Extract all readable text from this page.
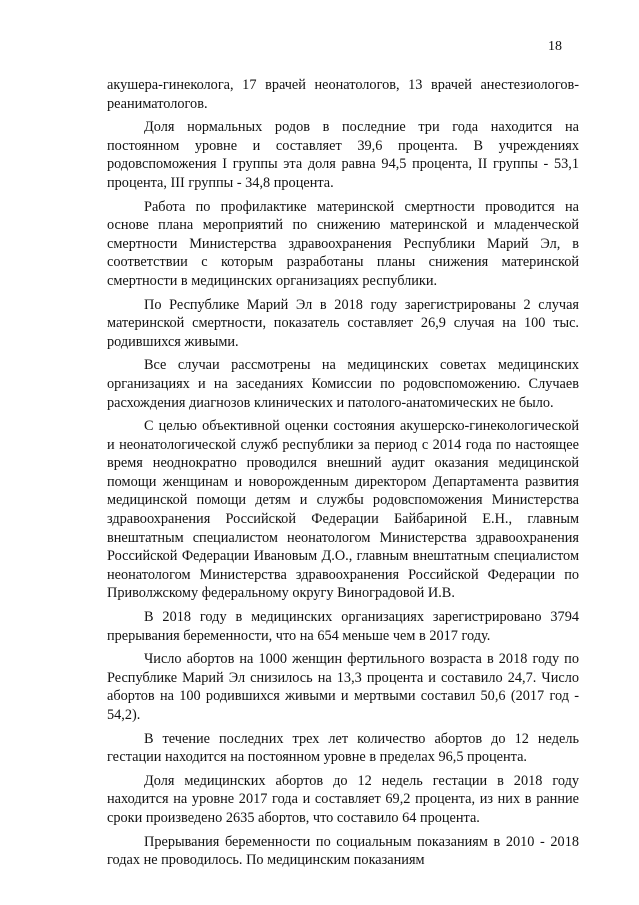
18

акушера-гинеколога, 17 врачей неонатологов, 13 врачей анестезиологов-реаниматологов.

Доля нормальных родов в последние три года находится на постоянном уровне и составляет 39,6 процента. В учреждениях родовспоможения I группы эта доля равна 94,5 процента, II группы - 53,1 процента, III группы - 34,8 процента.

Работа по профилактике материнской смертности проводится на основе плана мероприятий по снижению материнской и младенческой смертности Министерства здравоохранения Республики Марий Эл, в соответствии с которым разработаны планы снижения материнской смертности в медицинских организациях республики.

По Республике Марий Эл в 2018 году зарегистрированы 2 случая материнской смертности, показатель составляет 26,9 случая на 100 тыс. родившихся живыми.

Все случаи рассмотрены на медицинских советах медицинских организациях и на заседаниях Комиссии по родовспоможению. Случаев расхождения диагнозов клинических и патолого-анатомических не было.

С целью объективной оценки состояния акушерско-гинекологической и неонатологической служб республики за период с 2014 года по настоящее время неоднократно проводился внешний аудит оказания медицинской помощи женщинам и новорожденным директором Департамента развития медицинской помощи детям и службы родовспоможения Министерства здравоохранения Российской Федерации Байбариной Е.Н., главным внештатным специалистом неонатологом Министерства здравоохранения Российской Федерации Ивановым Д.О., главным внештатным специалистом неонатологом Министерства здравоохранения Российской Федерации по Приволжскому федеральному округу Виноградовой И.В.

В 2018 году в медицинских организациях зарегистрировано 3794 прерывания беременности, что на 654 меньше чем в 2017 году.

Число абортов на 1000 женщин фертильного возраста в 2018 году по Республике Марий Эл снизилось на 13,3 процента и составило 24,7. Число абортов на 100 родившихся живыми и мертвыми составил 50,6 (2017 год - 54,2).

В течение последних трех лет количество абортов до 12 недель гестации находится на постоянном уровне в пределах 96,5 процента.

Доля медицинских абортов до 12 недель гестации в 2018 году находится на уровне 2017 года и составляет 69,2 процента, из них в ранние сроки произведено 2635 абортов, что составило 64 процента.

Прерывания беременности по социальным показаниям в 2010 - 2018 годах не проводилось. По медицинским показаниям
